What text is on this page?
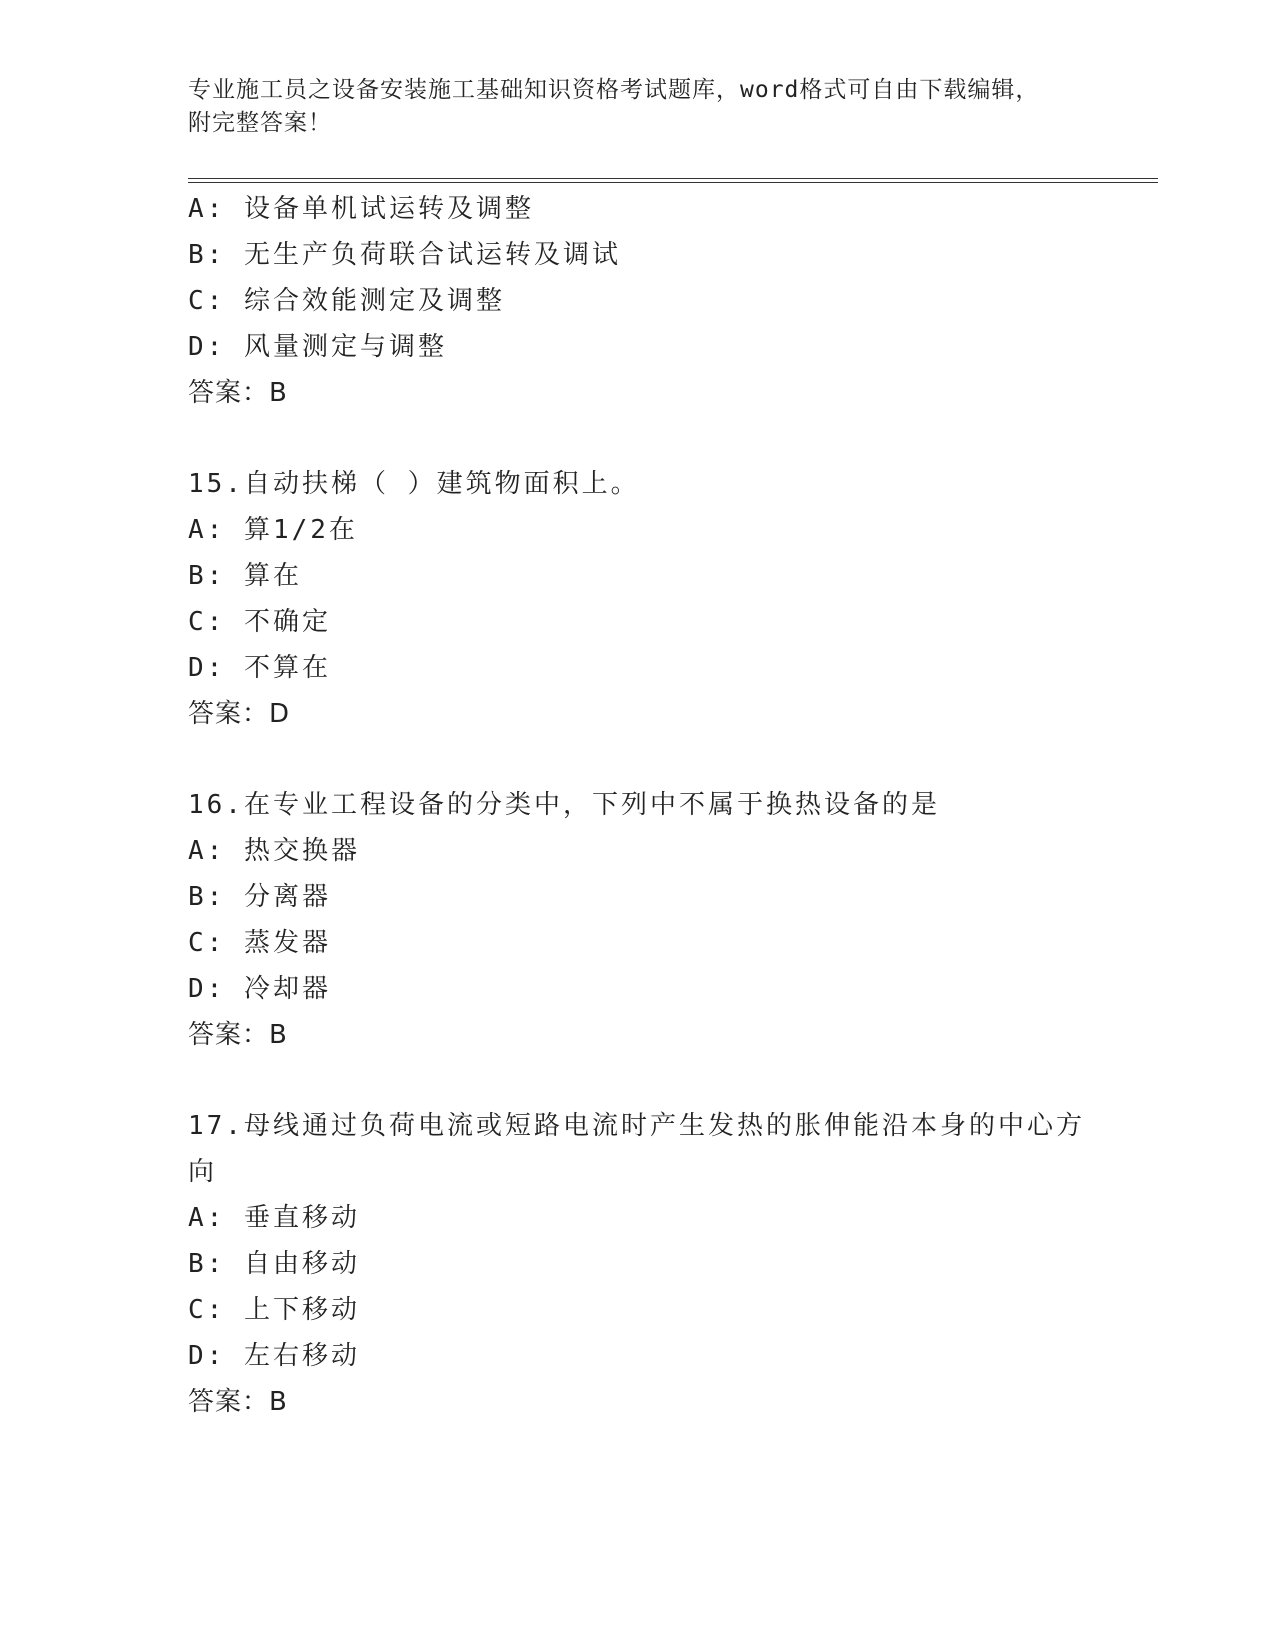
专业施工员之设备安装施工基础知识资格考试题库，word格式可自由下载编辑，
附完整答案！
A: 设备单机试运转及调整
B: 无生产负荷联合试运转及调试
C: 综合效能测定及调整
D: 风量测定与调整
答案：B
15.自动扶梯（ ）建筑物面积上。
A: 算1/2在
B: 算在
C: 不确定
D: 不算在
答案：D
16.在专业工程设备的分类中，下列中不属于换热设备的是
A: 热交换器
B: 分离器
C: 蒸发器
D: 冷却器
答案：B
17.母线通过负荷电流或短路电流时产生发热的胀伸能沿本身的中心方向
A: 垂直移动
B: 自由移动
C: 上下移动
D: 左右移动
答案：B
